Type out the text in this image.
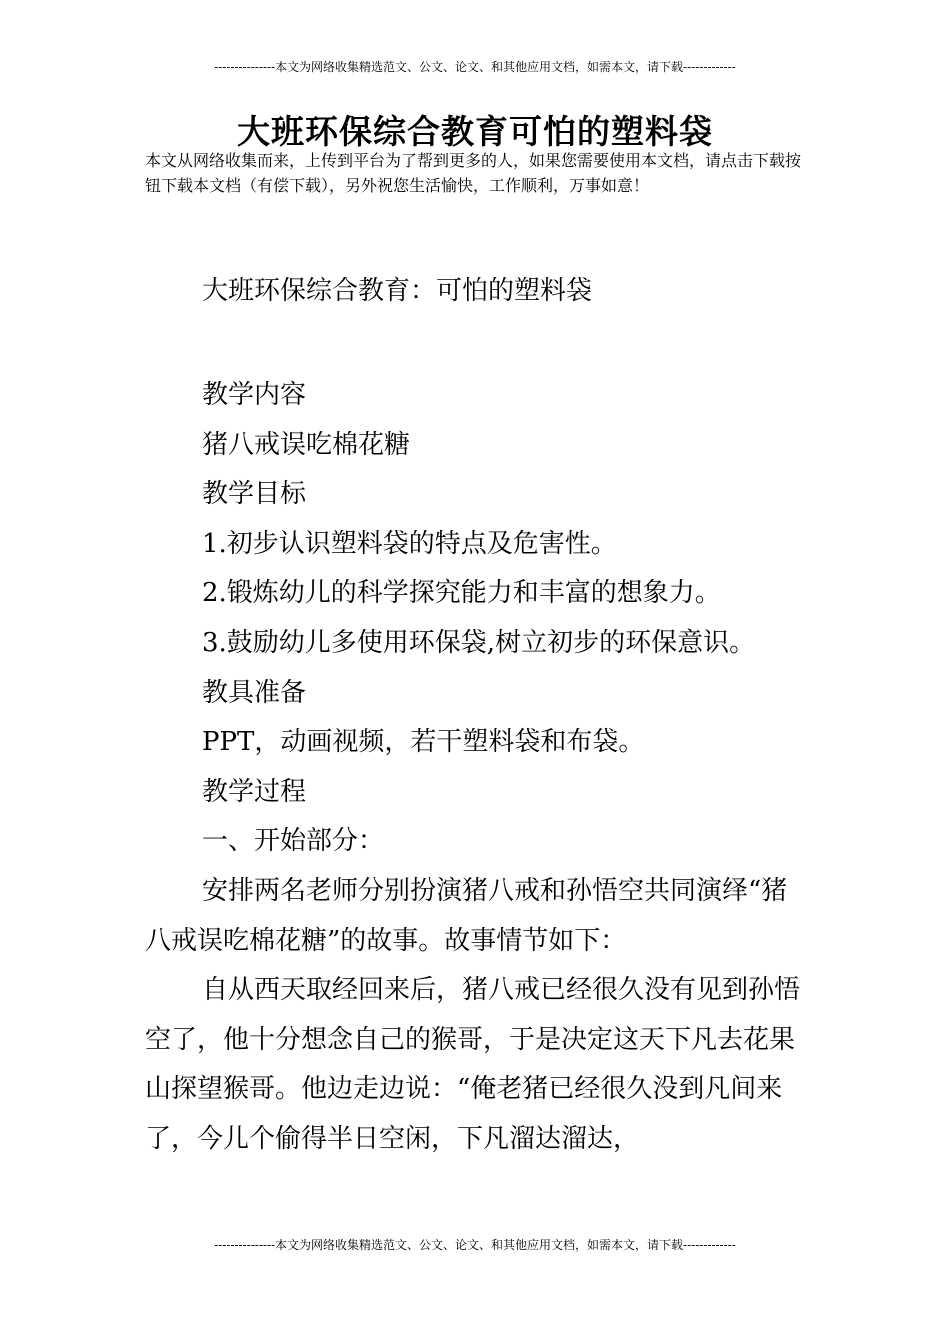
---------------本文为网络收集精选范文、公文、论文、和其他应用文档，如需本文，请下载-------------
大班环保综合教育可怕的塑料袋

本文从网络收集而来，上传到平台为了帮到更多的人，如果您需要使用本文档，请点击下载按钮下载本文档（有偿下载），另外祝您生活愉快，工作顺利，万事如意！

大班环保综合教育：可怕的塑料袋

教学内容
猪八戒误吃棉花糖
教学目标
1.初步认识塑料袋的特点及危害性。
2.锻炼幼儿的科学探究能力和丰富的想象力。
3.鼓励幼儿多使用环保袋,树立初步的环保意识。
教具准备
PPT，动画视频，若干塑料袋和布袋。
教学过程
一、开始部分：

安排两名老师分别扮演猪八戒和孙悟空共同演绎“猪八戒误吃棉花糖”的故事。故事情节如下：

自从西天取经回来后，猪八戒已经很久没有见到孙悟空了，他十分想念自己的猴哥，于是决定这天下凡去花果山探望猴哥。他边走边说：“俺老猪已经很久没到凡间来了，今儿个偷得半日空闲，下凡溜达溜达，

---------------本文为网络收集精选范文、公文、论文、和其他应用文档，如需本文，请下载-------------
